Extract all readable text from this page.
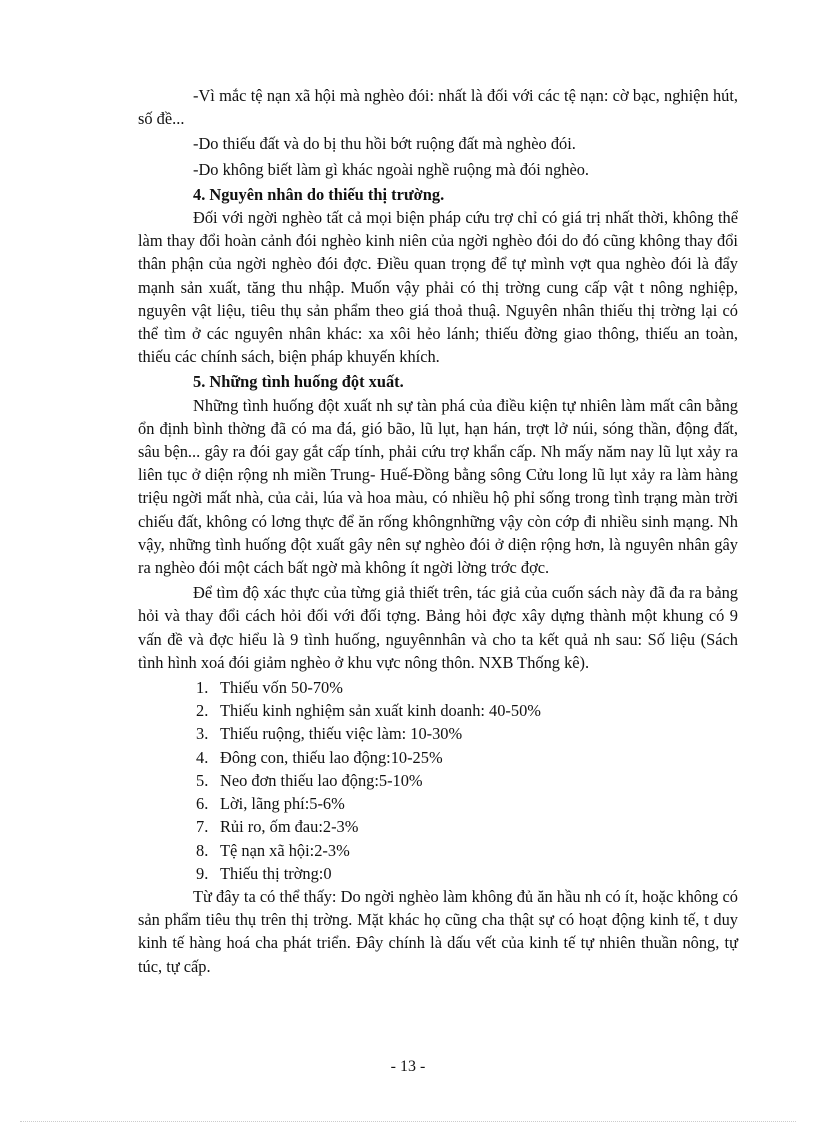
-Vì mắc tệ nạn xã hội mà nghèo đói: nhất là đối với các tệ nạn: cờ bạc, nghiện hút, số đề...

-Do thiếu đất và do bị thu hồi bớt ruộng đất mà nghèo đói.

-Do không biết làm gì khác ngoài nghề ruộng mà đói nghèo.

4. Nguyên nhân do thiếu thị trường.

Đối với ngời nghèo tất cả mọi biện pháp cứu trợ chỉ có giá trị nhất thời, không thể làm thay đổi hoàn cảnh đói nghèo kinh niên của ngời nghèo đói do đó cũng không thay đổi thân phận của ngời nghèo đói đợc. Điều quan trọng để tự mình vợt qua nghèo đói là đẩy mạnh sản xuất, tăng thu nhập. Muốn vậy phải có thị trờng cung cấp vật t nông nghiệp, nguyên vật liệu, tiêu thụ sản phẩm theo giá thoả thuậ. Nguyên nhân thiếu thị trờng lại có thể tìm ở các nguyên nhân khác: xa xôi hẻo lánh; thiếu đờng giao thông, thiếu an toàn, thiếu các chính sách, biện pháp khuyến khích.

5. Những tình huống đột xuất.

Những tình huống đột xuất nh sự tàn phá của điều kiện tự nhiên làm mất cân bằng ổn định bình thờng đã có ma đá, gió bão, lũ lụt, hạn hán, trợt lở núi, sóng thần, động đất, sâu bện... gây ra đói gay gắt cấp tính, phải cứu trợ khẩn cấp. Nh mấy năm nay lũ lụt xảy ra liên tục ở diện rộng nh miền Trung- Huế-Đồng bằng sông Cửu long lũ lụt xảy ra làm hàng triệu ngời mất nhà, của cải, lúa và hoa màu, có nhiều hộ phỉ sống trong tình trạng màn trời chiếu đất, không có lơng thực để ăn rống khôngnhững vậy còn cớp đi nhiều sinh mạng. Nh vậy, những tình huống đột xuất gây nên sự nghèo đói ở diện rộng hơn, là nguyên nhân gây ra nghèo đói một cách bất ngờ mà không ít ngời lờng trớc đợc.

Để tìm độ xác thực của từng giả thiết trên, tác giả của cuốn sách này đã đa ra bảng hỏi và thay đổi cách hỏi đối với đối tợng. Bảng hỏi đợc xây dựng thành một khung có 9 vấn đề và đợc hiểu là 9 tình huống, nguyênnhân và cho ta kết quả nh sau: Số liệu (Sách tình hình xoá đói giảm nghèo ở khu vực nông thôn. NXB Thống kê).

1. Thiếu vốn 50-70%
2. Thiếu kinh nghiệm sản xuất kinh doanh: 40-50%
3. Thiếu ruộng, thiếu việc làm: 10-30%
4. Đông con, thiếu lao động:10-25%
5. Neo đơn thiếu lao động:5-10%
6. Lời, lãng phí:5-6%
7. Rủi ro, ốm đau:2-3%
8. Tệ nạn xã hội:2-3%
9. Thiếu thị trờng:0

Từ đây ta có thể thấy: Do ngời nghèo làm không đủ ăn hầu nh có ít, hoặc không có sản phẩm tiêu thụ trên thị trờng. Mặt khác họ cũng cha thật sự có hoạt động kinh tế, t duy kinh tế hàng hoá cha phát triển. Đây chính là dấu vết của kinh tế tự nhiên thuần nông, tự túc, tự cấp.

- 13 -
